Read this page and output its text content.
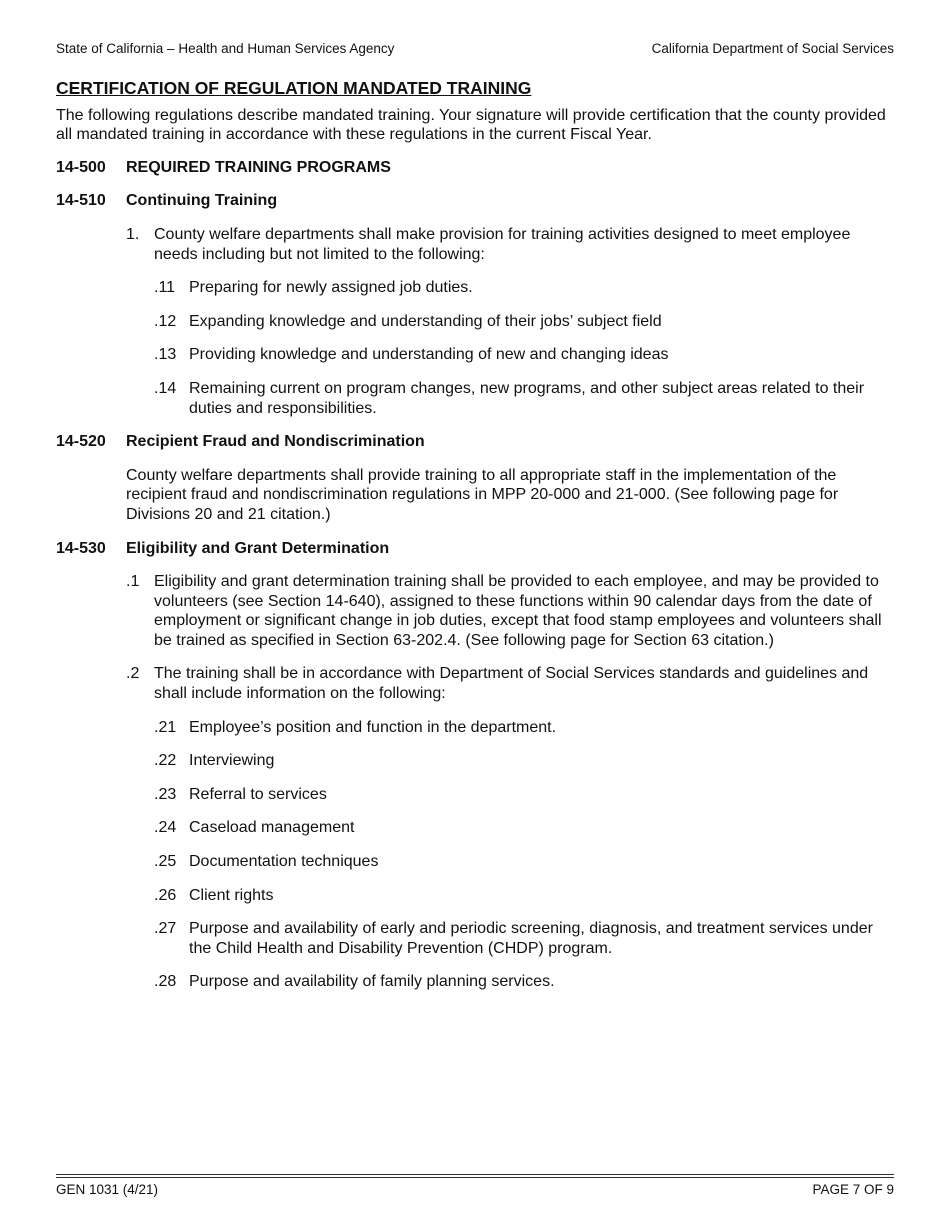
State of California – Health and Human Services Agency	California Department of Social Services
CERTIFICATION OF REGULATION MANDATED TRAINING
The following regulations describe mandated training. Your signature will provide certification that the county provided all mandated training in accordance with these regulations in the current Fiscal Year.
14-500	REQUIRED TRAINING PROGRAMS
14-510	Continuing Training
1. County welfare departments shall make provision for training activities designed to meet employee needs including but not limited to the following:
.11 Preparing for newly assigned job duties.
.12 Expanding knowledge and understanding of their jobs’ subject field
.13 Providing knowledge and understanding of new and changing ideas
.14 Remaining current on program changes, new programs, and other subject areas related to their duties and responsibilities.
14-520	Recipient Fraud and Nondiscrimination
County welfare departments shall provide training to all appropriate staff in the implementation of the recipient fraud and nondiscrimination regulations in MPP 20-000 and 21-000. (See following page for Divisions 20 and 21 citation.)
14-530	Eligibility and Grant Determination
.1 Eligibility and grant determination training shall be provided to each employee, and may be provided to volunteers (see Section 14-640), assigned to these functions within 90 calendar days from the date of employment or significant change in job duties, except that food stamp employees and volunteers shall be trained as specified in Section 63-202.4. (See following page for Section 63 citation.)
.2 The training shall be in accordance with Department of Social Services standards and guidelines and shall include information on the following:
.21 Employee’s position and function in the department.
.22 Interviewing
.23 Referral to services
.24 Caseload management
.25 Documentation techniques
.26 Client rights
.27 Purpose and availability of early and periodic screening, diagnosis, and treatment services under the Child Health and Disability Prevention (CHDP) program.
.28 Purpose and availability of family planning services.
GEN 1031 (4/21)	PAGE 7 OF 9
